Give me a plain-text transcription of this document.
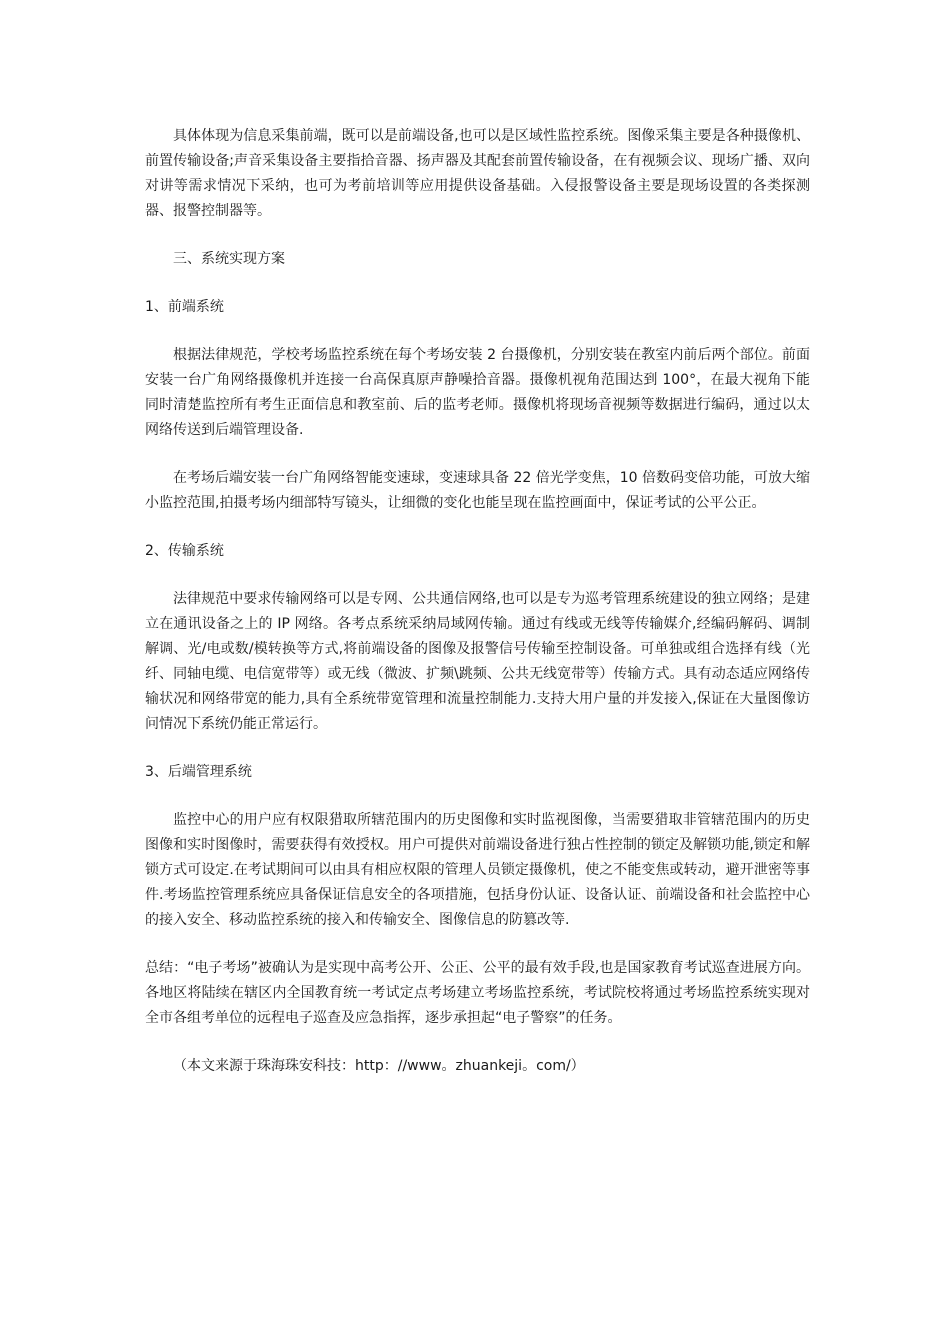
具体体现为信息采集前端，既可以是前端设备,也可以是区域性监控系统。图像采集主要是各种摄像机、前置传输设备;声音采集设备主要指拾音器、扬声器及其配套前置传输设备，在有视频会议、现场广播、双向对讲等需求情况下采纳，也可为考前培训等应用提供设备基础。入侵报警设备主要是现场设置的各类探测器、报警控制器等。

三、系统实现方案

1、前端系统

根据法律规范，学校考场监控系统在每个考场安装 2 台摄像机，分别安装在教室内前后两个部位。前面安装一台广角网络摄像机并连接一台高保真原声静噪拾音器。摄像机视角范围达到 100°，在最大视角下能同时清楚监控所有考生正面信息和教室前、后的监考老师。摄像机将现场音视频等数据进行编码，通过以太网络传送到后端管理设备.

在考场后端安装一台广角网络智能变速球，变速球具备 22 倍光学变焦，10 倍数码变倍功能，可放大缩小监控范围,拍摄考场内细部特写镜头，让细微的变化也能呈现在监控画面中，保证考试的公平公正。

2、传输系统

法律规范中要求传输网络可以是专网、公共通信网络,也可以是专为巡考管理系统建设的独立网络；是建立在通讯设备之上的 IP 网络。各考点系统采纳局域网传输。通过有线或无线等传输媒介,经编码解码、调制解调、光/电或数/模转换等方式,将前端设备的图像及报警信号传输至控制设备。可单独或组合选择有线（光纤、同轴电缆、电信宽带等）或无线（微波、扩频\跳频、公共无线宽带等）传输方式。具有动态适应网络传输状况和网络带宽的能力,具有全系统带宽管理和流量控制能力.支持大用户量的并发接入,保证在大量图像访问情况下系统仍能正常运行。

3、后端管理系统

监控中心的用户应有权限猎取所辖范围内的历史图像和实时监视图像，当需要猎取非管辖范围内的历史图像和实时图像时，需要获得有效授权。用户可提供对前端设备进行独占性控制的锁定及解锁功能,锁定和解锁方式可设定.在考试期间可以由具有相应权限的管理人员锁定摄像机，使之不能变焦或转动，避开泄密等事件.考场监控管理系统应具备保证信息安全的各项措施，包括身份认证、设备认证、前端设备和社会监控中心的接入安全、移动监控系统的接入和传输安全、图像信息的防篡改等.

总结：“电子考场”被确认为是实现中高考公开、公正、公平的最有效手段,也是国家教育考试巡查进展方向。各地区将陆续在辖区内全国教育统一考试定点考场建立考场监控系统，考试院校将通过考场监控系统实现对全市各组考单位的远程电子巡查及应急指挥，逐步承担起“电子警察”的任务。

（本文来源于珠海珠安科技：http：//www。zhuankeji。com/）
